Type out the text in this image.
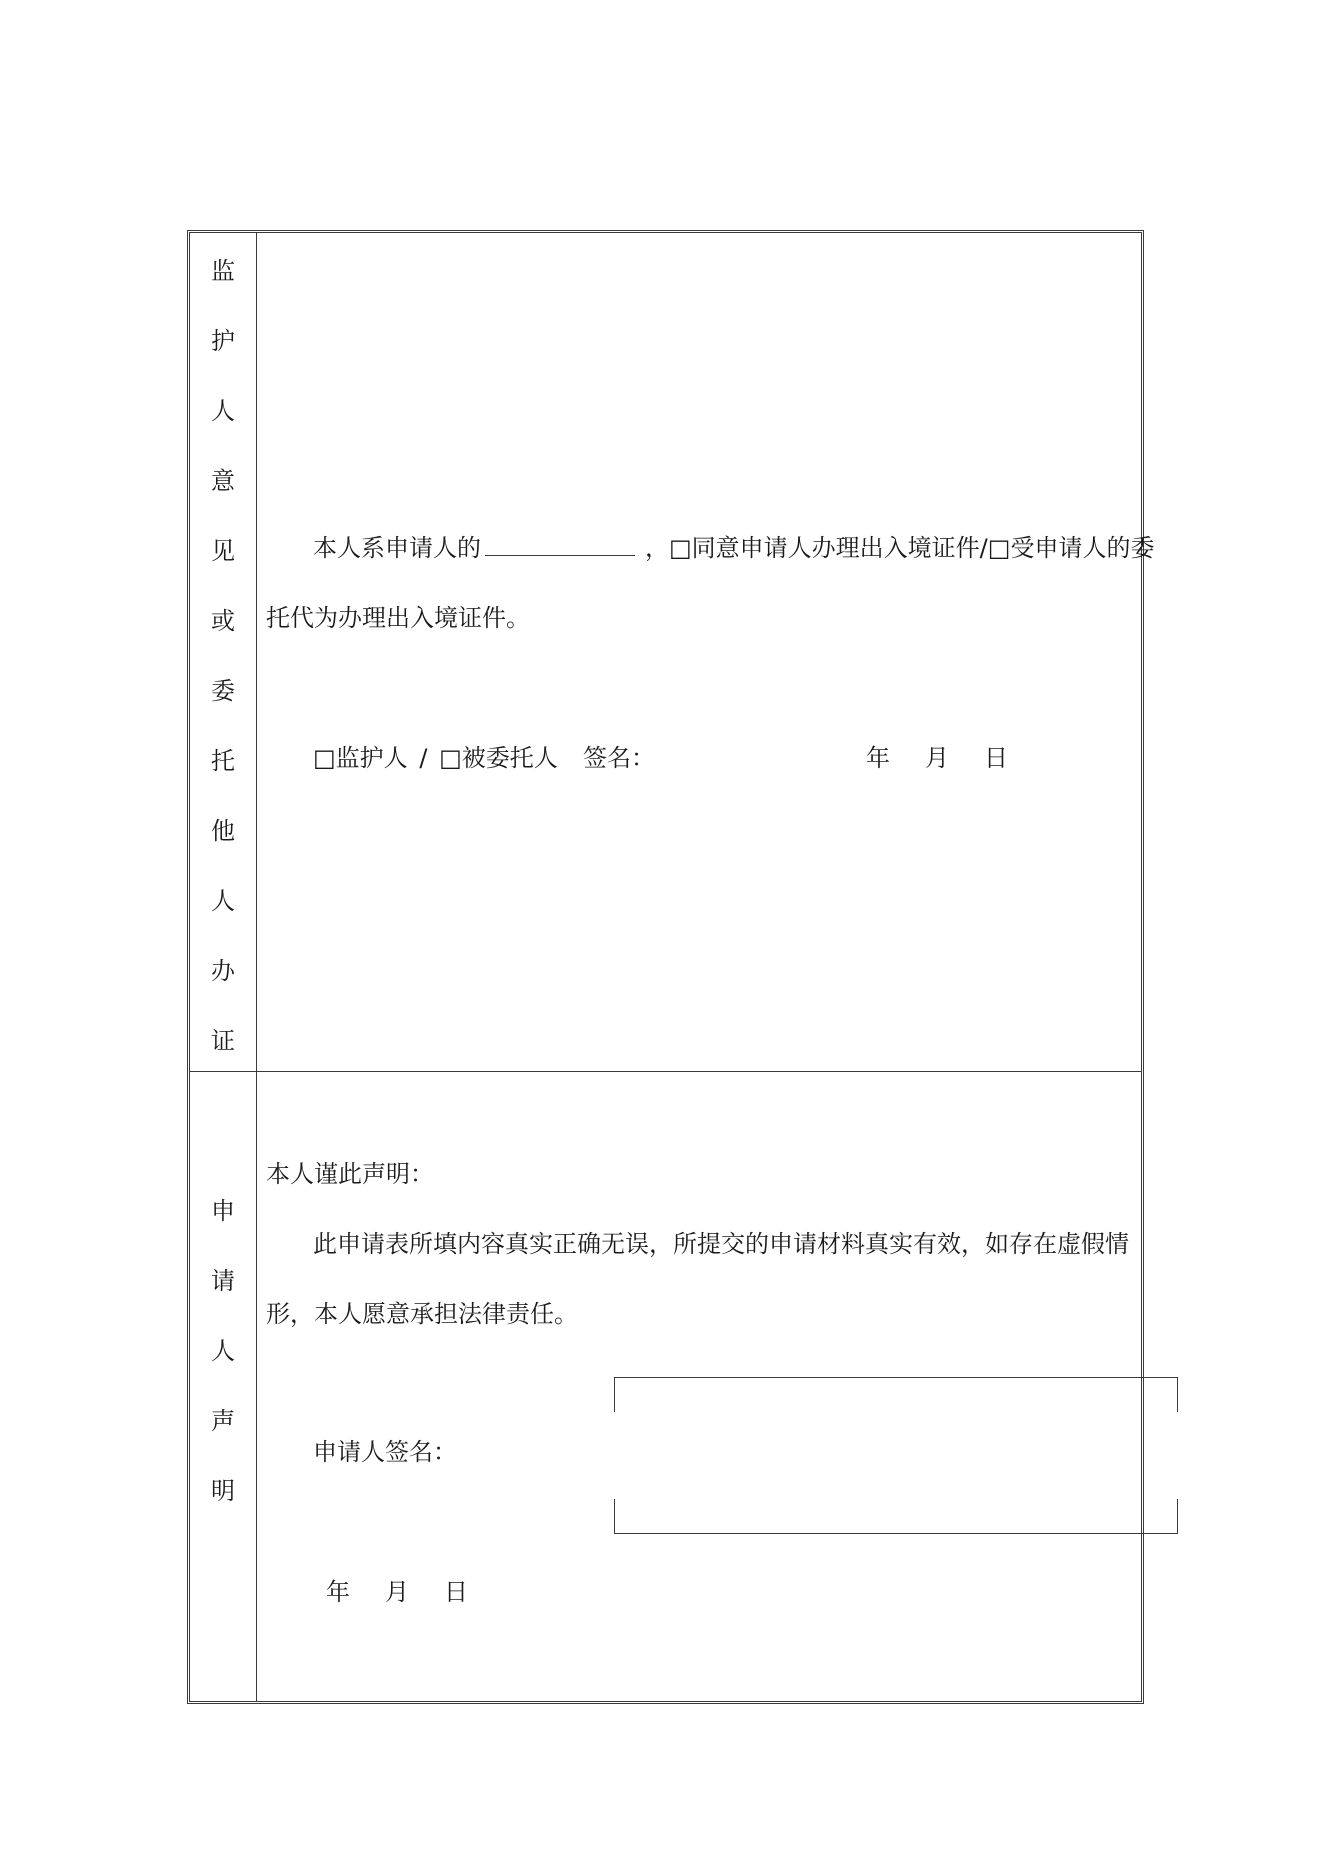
监
护
人
意
见
或
委
托
他
人
办
证
申
请
人
声
明
本人系申请人的	，□同意申请人办理出入境证件/□受申请人的委
托代为办理出入境证件。
□监护人 / □被委托人 签名：	年 月 日
本人谨此声明：
此申请表所填内容真实正确无误，所提交的申请材料真实有效，如存在虚假情
形，本人愿意承担法律责任。
申请人签名：
年 月 日
